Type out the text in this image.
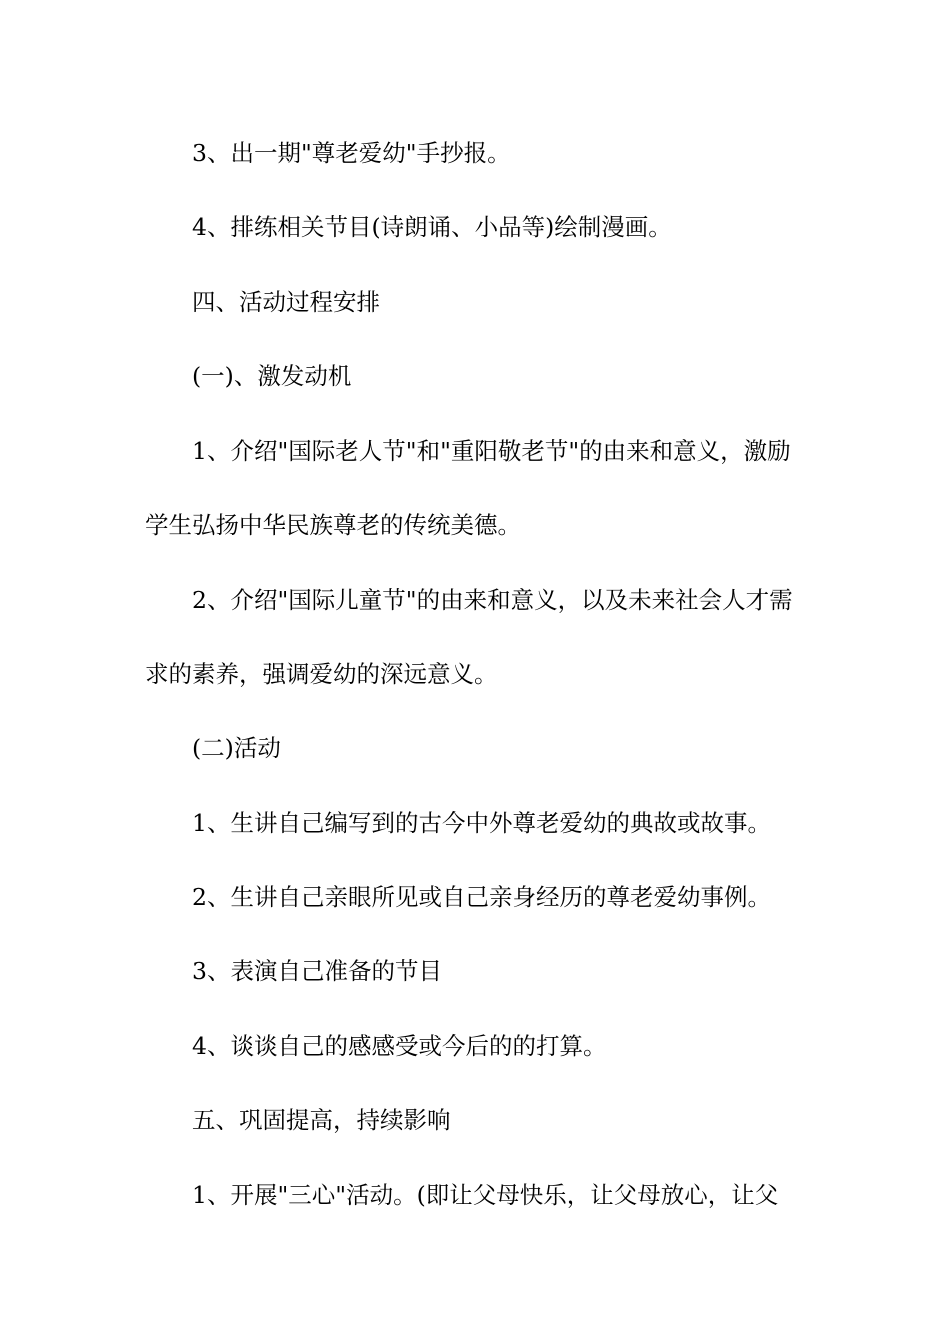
3、出一期"尊老爱幼"手抄报。
4、排练相关节目(诗朗诵、小品等)绘制漫画。
四、活动过程安排
(一)、激发动机
1、介绍"国际老人节"和"重阳敬老节"的由来和意义，激励
学生弘扬中华民族尊老的传统美德。
2、介绍"国际儿童节"的由来和意义，以及未来社会人才需
求的素养，强调爱幼的深远意义。
(二)活动
1、生讲自己编写到的古今中外尊老爱幼的典故或故事。
2、生讲自己亲眼所见或自己亲身经历的尊老爱幼事例。
3、表演自己准备的节目
4、谈谈自己的感感受或今后的的打算。
五、巩固提高，持续影响
1、开展"三心"活动。(即让父母快乐，让父母放心，让父
